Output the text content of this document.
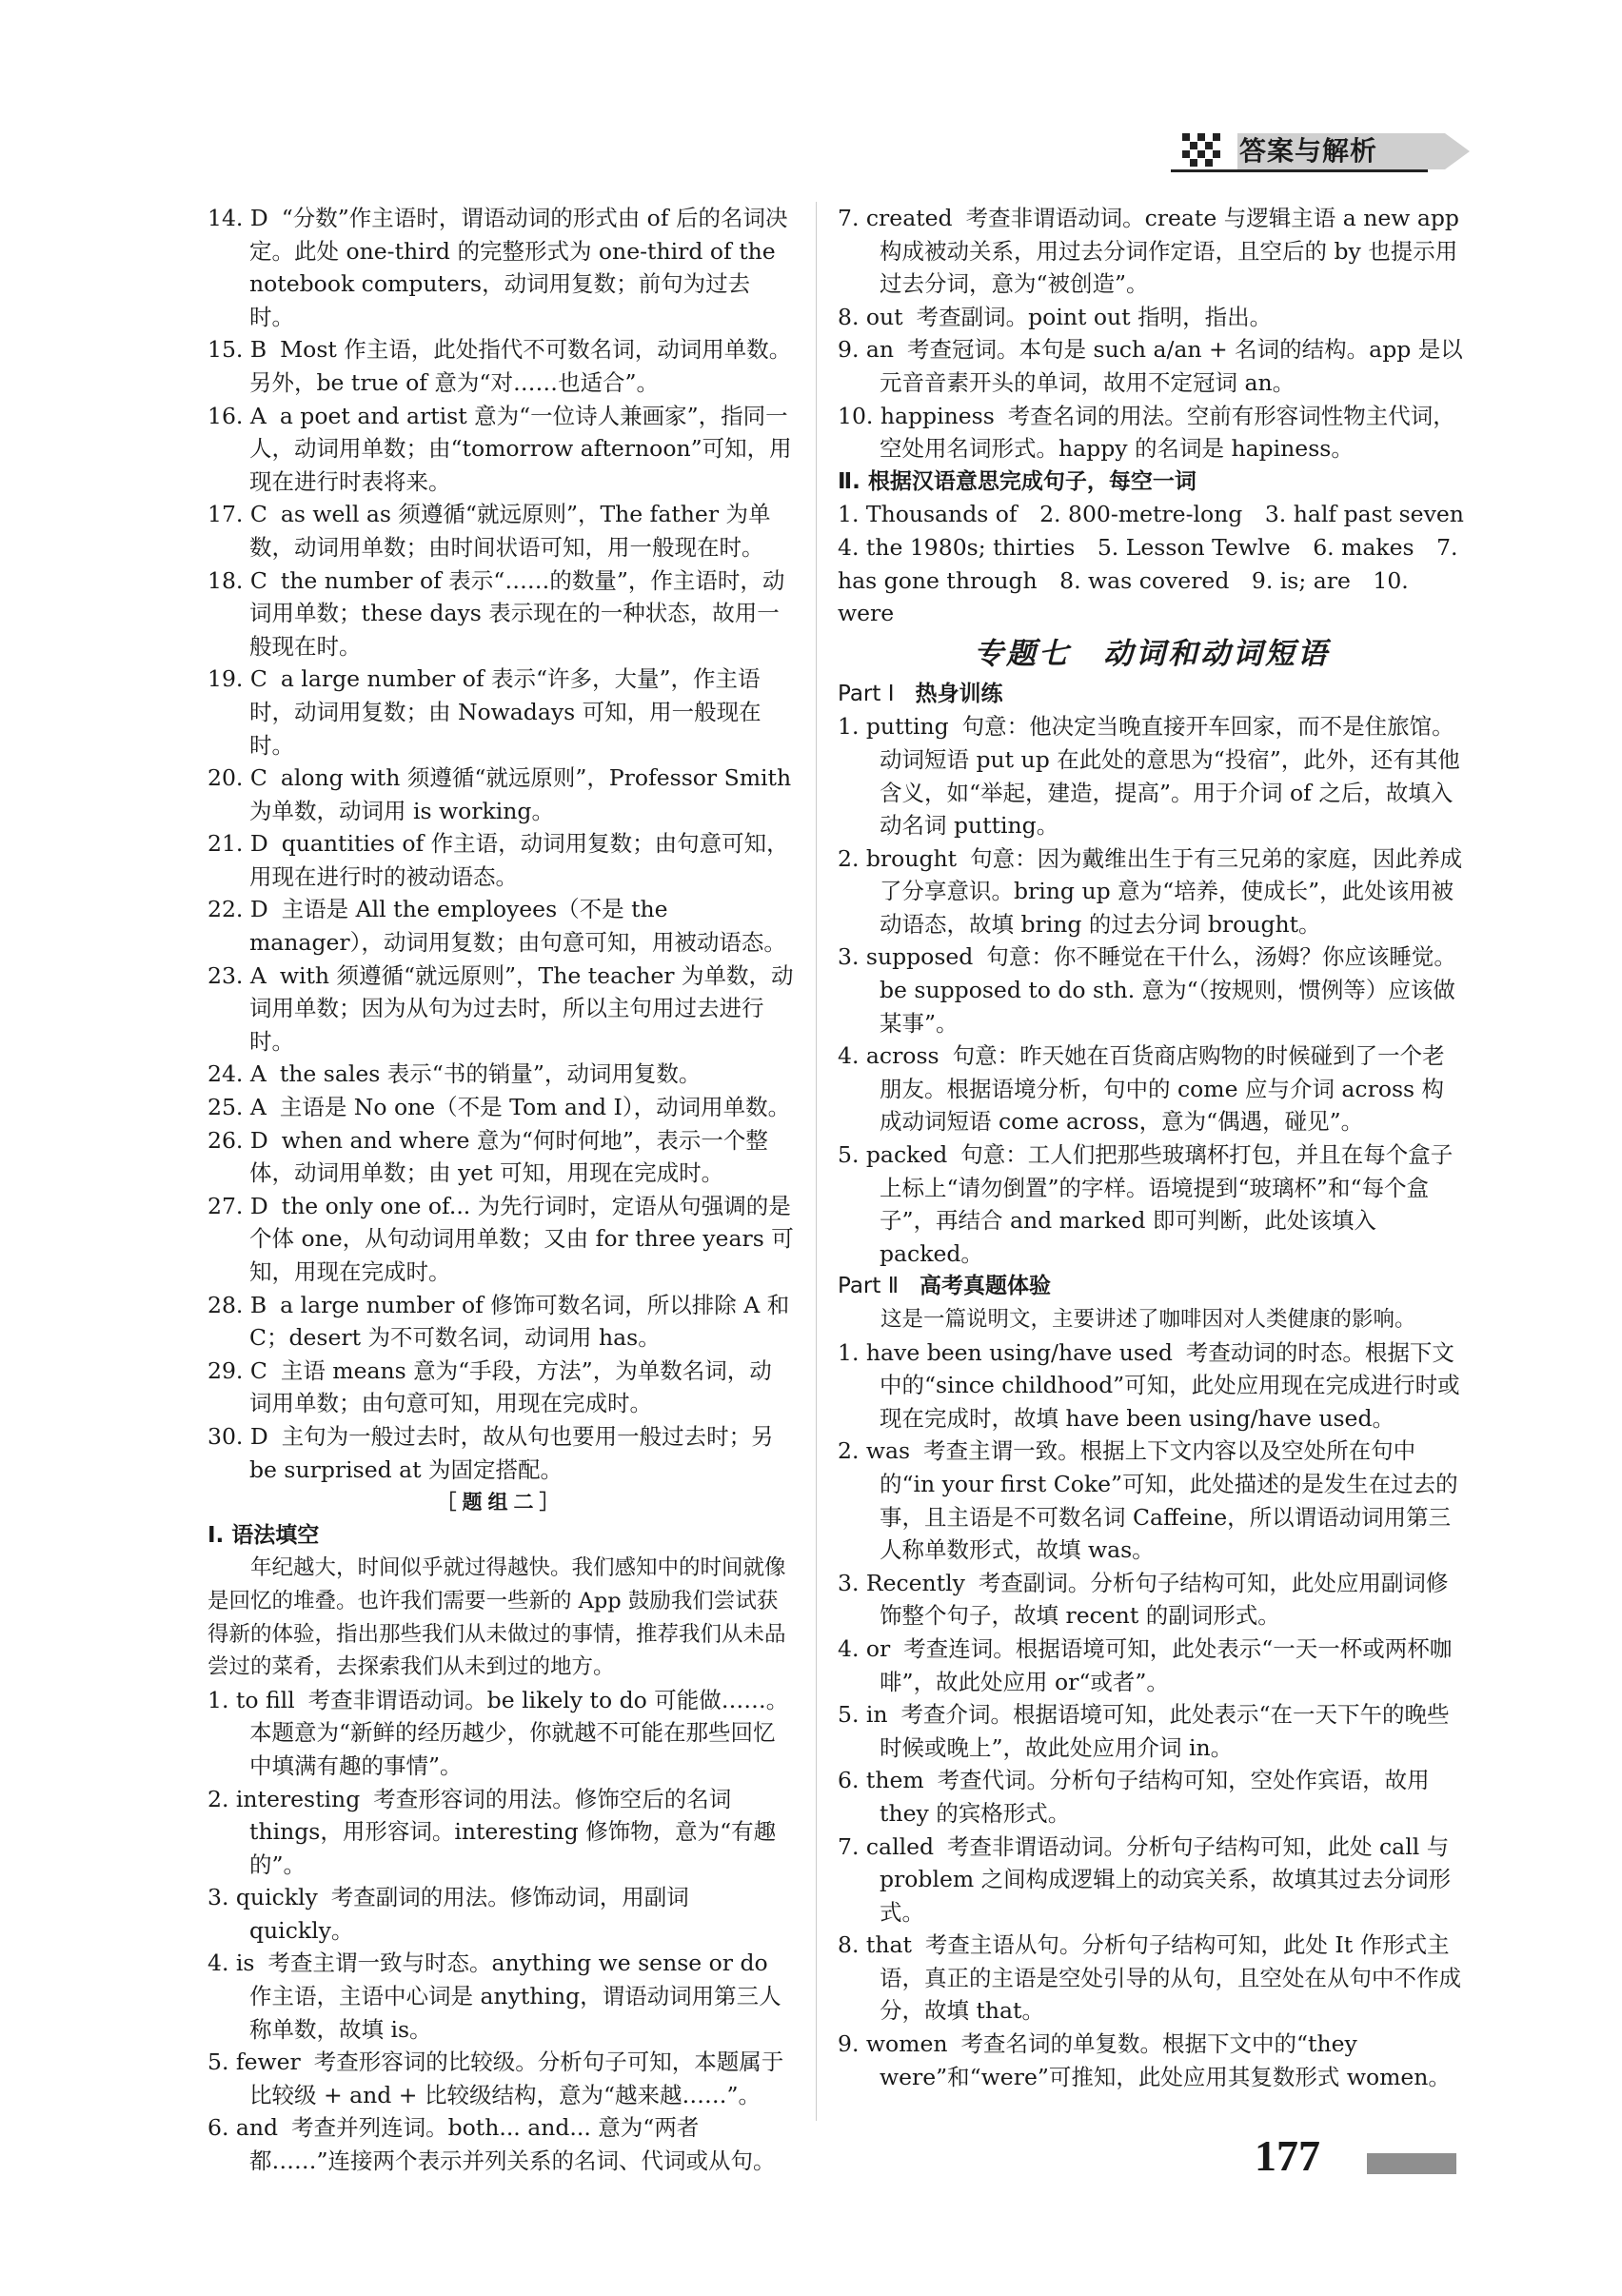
答案与解析
14. D “分数”作主语时，谓语动词的形式由 of 后的名词决定。此处 one-third 的完整形式为 one-third of the notebook computers，动词用复数；前句为过去时。
15. B Most 作主语，此处指代不可数名词，动词用单数。另外，be true of 意为“对……也适合”。
16. A a poet and artist 意为“一位诗人兼画家”，指同一人，动词用单数；由“tomorrow afternoon”可知，用现在进行时表将来。
17. C as well as 须遵循“就远原则”，The father 为单数，动词用单数；由时间状语可知，用一般现在时。
18. C the number of 表示“……的数量”，作主语时，动词用单数；these days 表示现在的一种状态，故用一般现在时。
19. C a large number of 表示“许多，大量”，作主语时，动词用复数；由 Nowadays 可知，用一般现在时。
20. C along with 须遵循“就远原则”，Professor Smith 为单数，动词用 is working。
21. D quantities of 作主语，动词用复数；由句意可知，用现在进行时的被动语态。
22. D 主语是 All the employees（不是 the manager），动词用复数；由句意可知，用被动语态。
23. A with 须遵循“就远原则”，The teacher 为单数，动词用单数；因为从句为过去时，所以主句用过去进行时。
24. A the sales 表示“书的销量”，动词用复数。
25. A 主语是 No one（不是 Tom and I），动词用单数。
26. D when and where 意为“何时何地”，表示一个整体，动词用单数；由 yet 可知，用现在完成时。
27. D the only one of... 为先行词时，定语从句强调的是个体 one，从句动词用单数；又由 for three years 可知，用现在完成时。
28. B a large number of 修饰可数名词，所以排除 A 和 C；desert 为不可数名词，动词用 has。
29. C 主语 means 意为“手段，方法”，为单数名词，动词用单数；由句意可知，用现在完成时。
30. D 主句为一般过去时，故从句也要用一般过去时；另 be surprised at 为固定搭配。
［题组二］
Ⅰ. 语法填空
年纪越大，时间似乎就过得越快。我们感知中的时间就像是回忆的堆叠。也许我们需要一些新的 App 鼓励我们尝试获得新的体验，指出那些我们从未做过的事情，推荐我们从未品尝过的菜肴，去探索我们从未到过的地方。
1. to fill 考查非谓语动词。be likely to do 可能做……。本题意为“新鲜的经历越少，你就越不可能在那些回忆中填满有趣的事情”。
2. interesting 考查形容词的用法。修饰空后的名词 things，用形容词。interesting 修饰物，意为“有趣的”。
3. quickly 考查副词的用法。修饰动词，用副词 quickly。
4. is 考查主谓一致与时态。anything we sense or do 作主语，主语中心词是 anything，谓语动词用第三人称单数，故填 is。
5. fewer 考查形容词的比较级。分析句子可知，本题属于比较级 + and + 比较级结构，意为“越来越……”。
6. and 考查并列连词。both... and... 意为“两者都……”连接两个表示并列关系的名词、代词或从句。
7. created 考查非谓语动词。create 与逻辑主语 a new app 构成被动关系，用过去分词作定语，且空后的 by 也提示用过去分词，意为“被创造”。
8. out 考查副词。point out 指明，指出。
9. an 考查冠词。本句是 such a/an + 名词的结构。app 是以元音音素开头的单词，故用不定冠词 an。
10. happiness 考查名词的用法。空前有形容词性物主代词，空处用名词形式。happy 的名词是 hapiness。
Ⅱ. 根据汉语意思完成句子，每空一词
1. Thousands of　2. 800-metre-long　3. half past seven　4. the 1980s; thirties　5. Lesson Tewlve　6. makes　7. has gone through　8. was covered　9. is; are　10. were
专题七　动词和动词短语
Part Ⅰ 热身训练
1. putting 句意：他决定当晚直接开车回家，而不是住旅馆。动词短语 put up 在此处的意思为“投宿”，此外，还有其他含义，如“举起，建造，提高”。用于介词 of 之后，故填入动名词 putting。
2. brought 句意：因为戴维出生于有三兄弟的家庭，因此养成了分享意识。bring up 意为“培养，使成长”，此处该用被动语态，故填 bring 的过去分词 brought。
3. supposed 句意：你不睡觉在干什么，汤姆？你应该睡觉。be supposed to do sth. 意为“（按规则，惯例等）应该做某事”。
4. across 句意：昨天她在百货商店购物的时候碰到了一个老朋友。根据语境分析，句中的 come 应与介词 across 构成动词短语 come across，意为“偶遇，碰见”。
5. packed 句意：工人们把那些玻璃杯打包，并且在每个盒子上标上“请勿倒置”的字样。语境提到“玻璃杯”和“每个盒子”，再结合 and marked 即可判断，此处该填入 packed。
Part Ⅱ 高考真题体验
这是一篇说明文，主要讲述了咖啡因对人类健康的影响。
1. have been using/have used 考查动词的时态。根据下文中的“since childhood”可知，此处应用现在完成进行时或现在完成时，故填 have been using/have used。
2. was 考查主谓一致。根据上下文内容以及空处所在句中的“in your first Coke”可知，此处描述的是发生在过去的事，且主语是不可数名词 Caffeine，所以谓语动词用第三人称单数形式，故填 was。
3. Recently 考查副词。分析句子结构可知，此处应用副词修饰整个句子，故填 recent 的副词形式。
4. or 考查连词。根据语境可知，此处表示“一天一杯或两杯咖啡”，故此处应用 or“或者”。
5. in 考查介词。根据语境可知，此处表示“在一天下午的晚些时候或晚上”，故此处应用介词 in。
6. them 考查代词。分析句子结构可知，空处作宾语，故用 they 的宾格形式。
7. called 考查非谓语动词。分析句子结构可知，此处 call 与 problem 之间构成逻辑上的动宾关系，故填其过去分词形式。
8. that 考查主语从句。分析句子结构可知，此处 It 作形式主语，真正的主语是空处引导的从句，且空处在从句中不作成分，故填 that。
9. women 考查名词的单复数。根据下文中的“they were”和“were”可推知，此处应用其复数形式 women。
177
